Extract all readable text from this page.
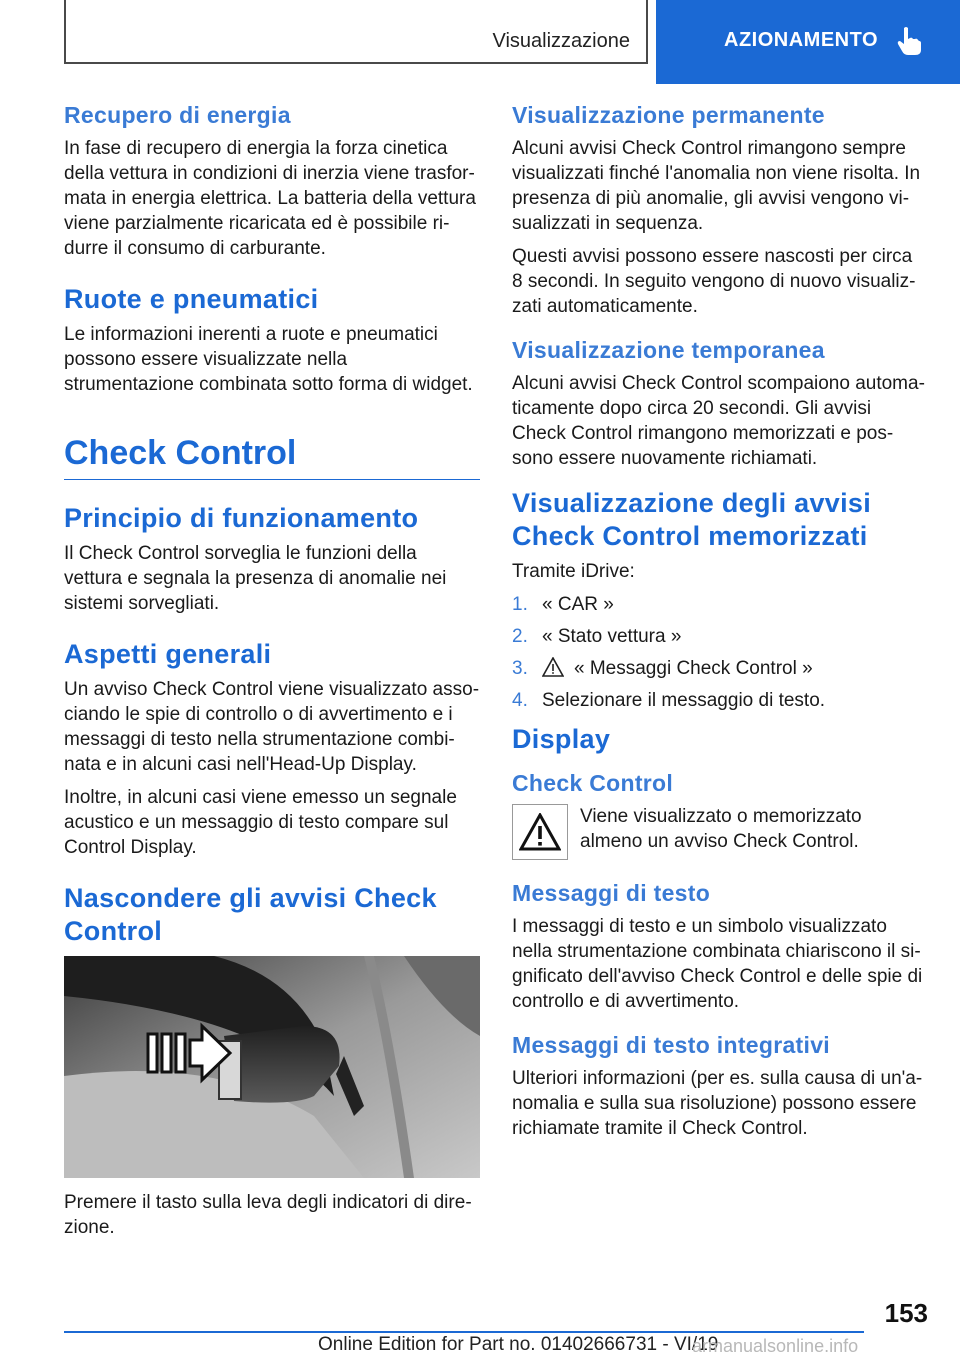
Visualizzazione	AZIONAMENTO
Recupero di energia

In fase di recupero di energia la forza cinetica della vettura in condizioni di inerzia viene trasformata in energia elettrica. La batteria della vettura viene parzialmente ricaricata ed è possibile ridurre il consumo di carburante.

Ruote e pneumatici

Le informazioni inerenti a ruote e pneumatici possono essere visualizzate nella strumentazione combinata sotto forma di widget.

Check Control
Principio di funzionamento

Il Check Control sorveglia le funzioni della vettura e segnala la presenza di anomalie nei sistemi sorvegliati.

Aspetti generali

Un avviso Check Control viene visualizzato associando le spie di controllo o di avvertimento e i messaggi di testo nella strumentazione combinata e in alcuni casi nell'Head-Up Display.

Inoltre, in alcuni casi viene emesso un segnale acustico e un messaggio di testo compare sul Control Display.

Nascondere gli avvisi Check Control

Premere il tasto sulla leva degli indicatori di direzione.

Visualizzazione permanente

Alcuni avvisi Check Control rimangono sempre visualizzati finché l'anomalia non viene risolta. In presenza di più anomalie, gli avvisi vengono visualizzati in sequenza.

Questi avvisi possono essere nascosti per circa 8 secondi. In seguito vengono di nuovo visualizzati automaticamente.

Visualizzazione temporanea

Alcuni avvisi Check Control scompaiono automaticamente dopo circa 20 secondi. Gli avvisi Check Control rimangono memorizzati e possono essere nuovamente richiamati.

Visualizzazione degli avvisi Check Control memorizzati

Tramite iDrive:

1. « CAR »
2. « Stato vettura »
3. « Messaggi Check Control »
4. Selezionare il messaggio di testo.
Display
Check Control

Viene visualizzato o memorizzato almeno un avviso Check Control.

Messaggi di testo

I messaggi di testo e un simbolo visualizzato nella strumentazione combinata chiariscono il significato dell'avviso Check Control e delle spie di controllo e di avvertimento.

Messaggi di testo integrativi

Ulteriori informazioni (per es. sulla causa di un'anomalia e sulla sua risoluzione) possono essere richiamate tramite il Check Control.

153
Online Edition for Part no. 01402666731 - VI/19
armanualsonline.info
